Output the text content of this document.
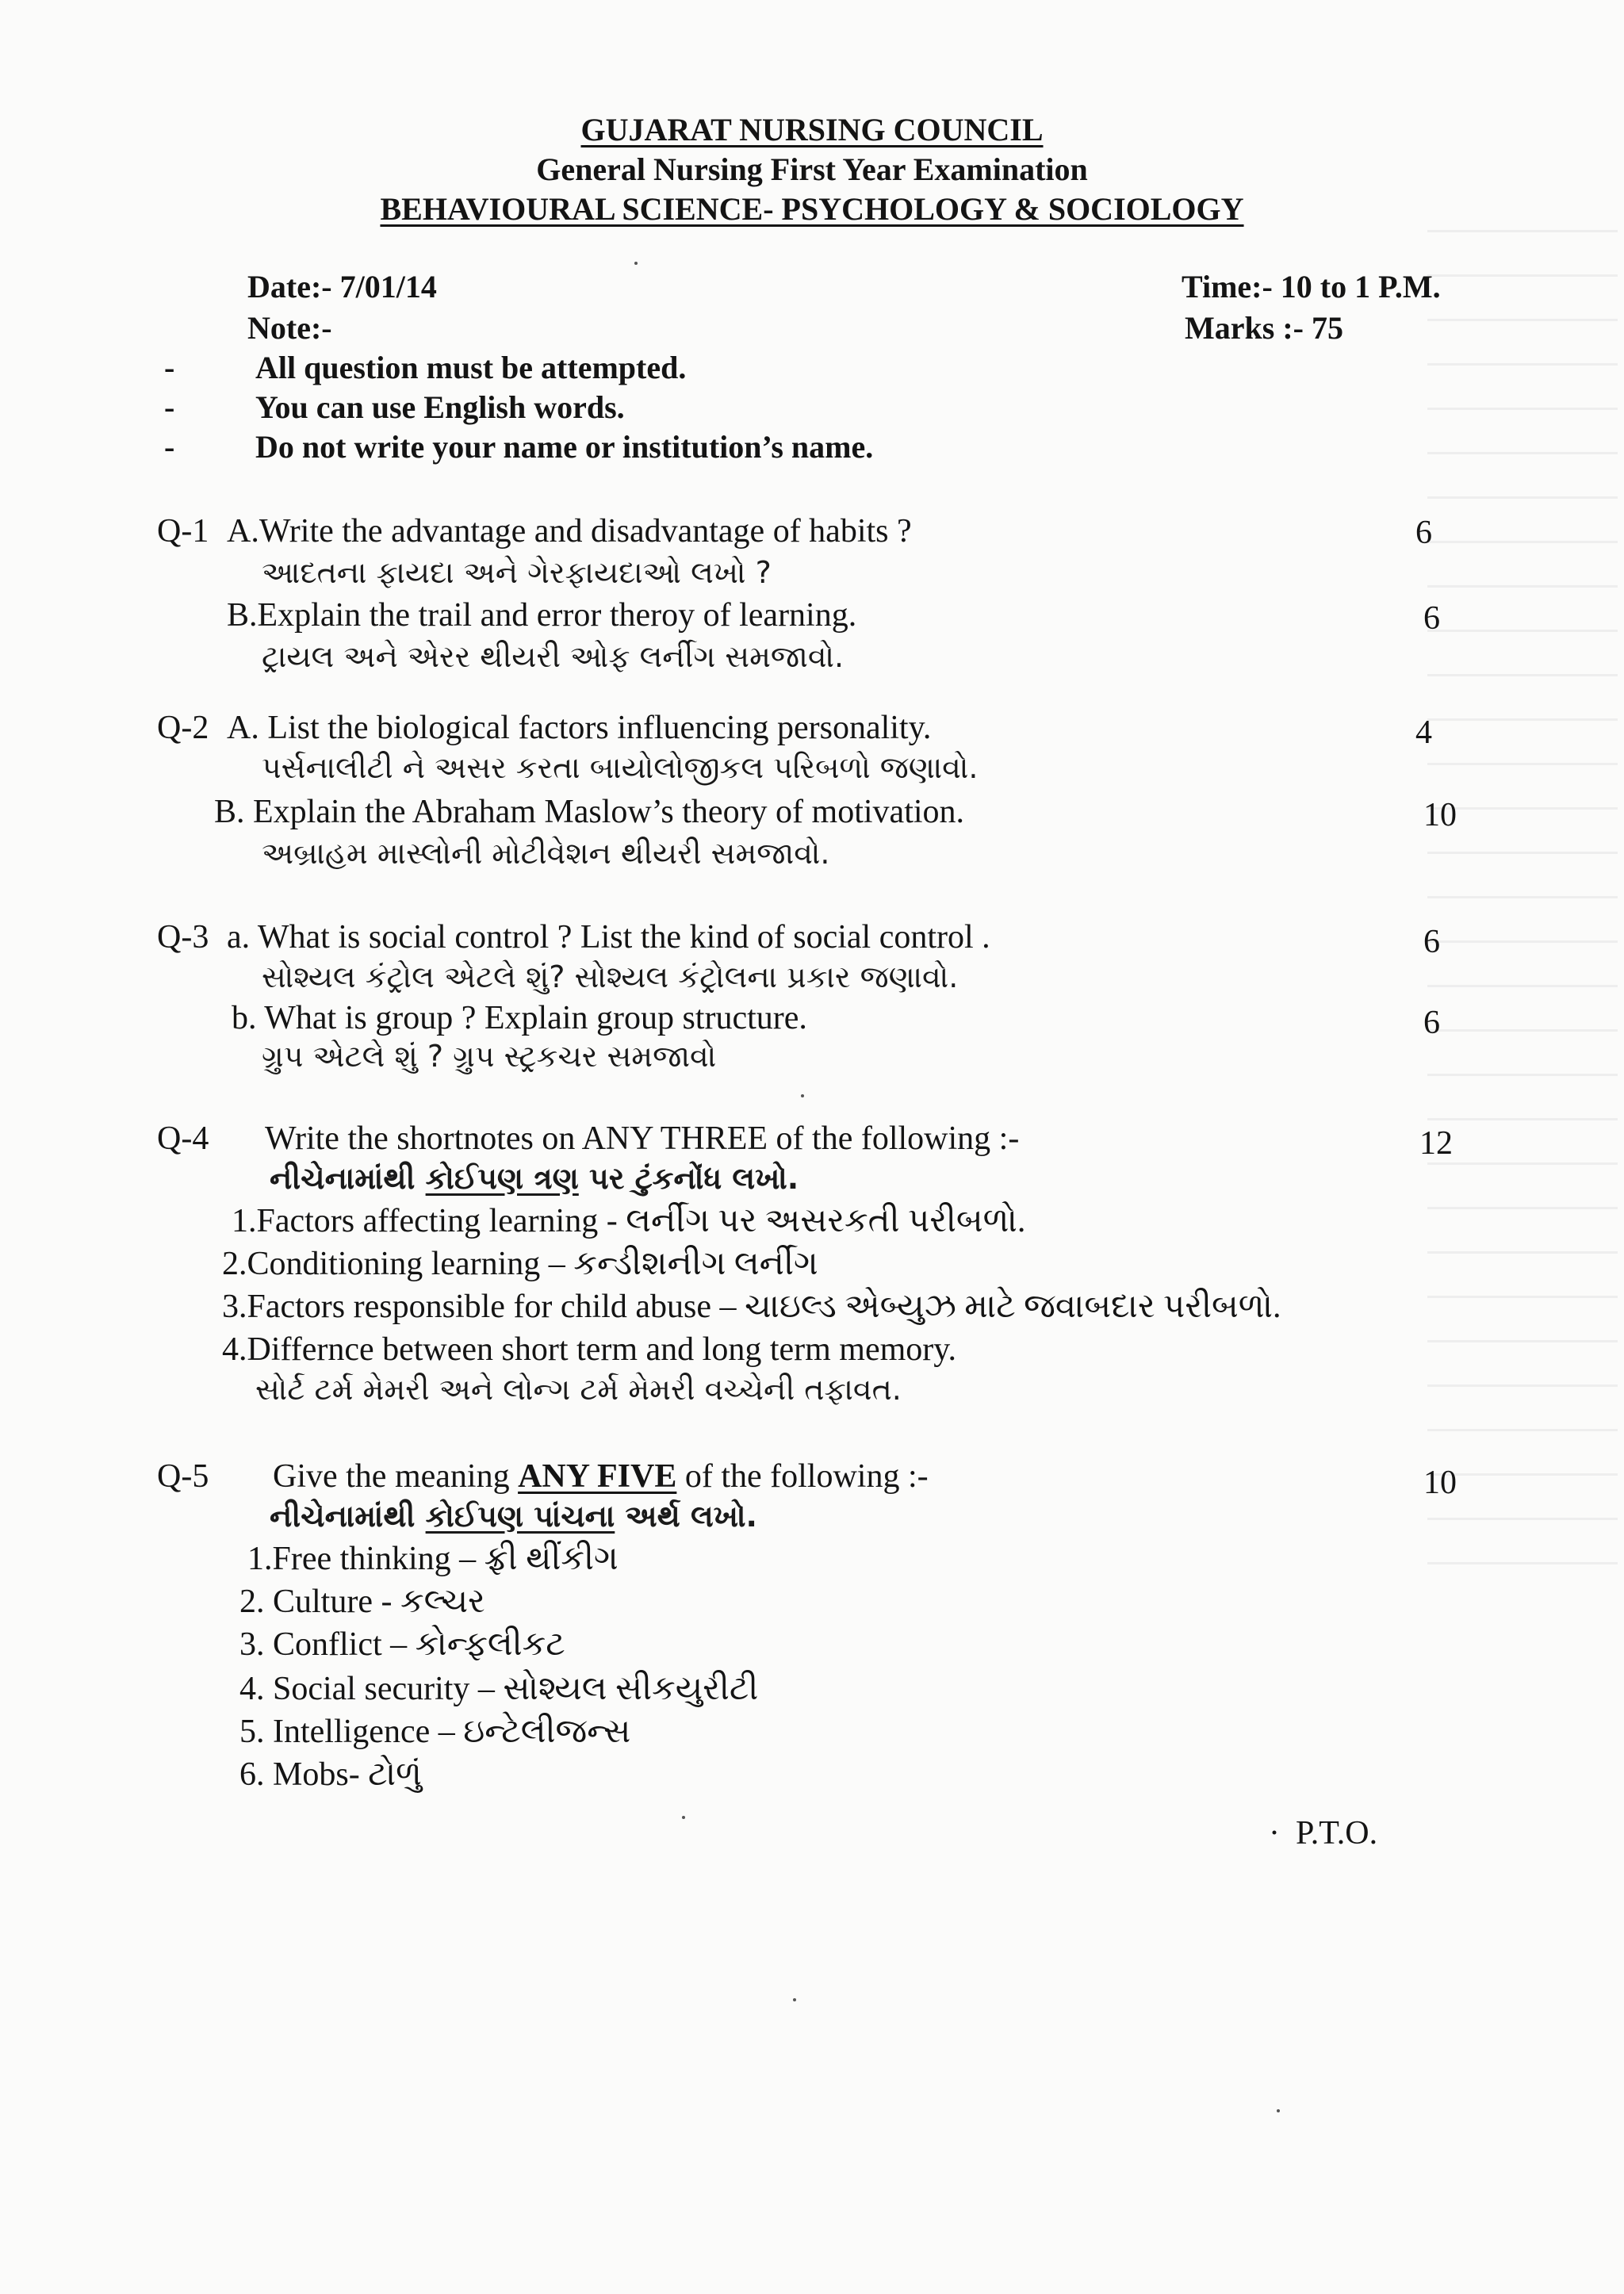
GUJARAT NURSING COUNCIL
General Nursing First Year Examination
BEHAVIOURAL SCIENCE- PSYCHOLOGY & SOCIOLOGY
Date:- 7/01/14	Time:- 10 to 1 P.M.
Note:-	Marks :- 75
-	All question must be attempted.
-	You can use English words.
-	Do not write your name or institution’s name.
Q-1 A.Write the advantage and disadvantage of habits ?	6
આદતના ફાયદા અને ગેરફાયદાઓ લખો ?
B.Explain the trail and error theroy of learning.	6
ટ્રાયલ અને એરર થીયરી ઓફ લર્નીગ સમજાવો.
Q-2 A. List the biological factors influencing personality.	4
પર્સનાલીટી ને અસર કરતા બાયોલોજીકલ પરિબળો જણાવો.
B. Explain the Abraham Maslow’s theory of motivation.	10
અબ્રાહમ માસ્લોની મોટીવેશન થીયરી સમજાવો.
Q-3 a. What is social control ? List the kind of social control .	6
સોશ્યલ કંટ્રોલ એટલે શું? સોશ્યલ કંટ્રોલના પ્રકાર જણાવો.
b. What is group ? Explain group structure.	6
ગ્રુપ એટલે શું ? ગ્રુપ સ્ટ્રકચર સમજાવો
Q-4 Write the shortnotes on ANY THREE of the following :-	12
નીચેનામાંથી કોઈપણ ત્રણ પર ટુંકનોંધ લખો.
1.Factors affecting learning - લર્નીગ પર અસરકતી પરીબળો.
2.Conditioning learning – કન્ડીશનીગ લર્નીગ
3.Factors responsible for child abuse – ચાઇલ્ડ એબ્યુઝ માટે જવાબદાર પરીબળો.
4.Differnce between short term and long term memory.
સોર્ટ ટર્મ મેમરી અને લોન્ગ ટર્મ મેમરી વચ્ચેની તફાવત.
Q-5 Give the meaning ANY FIVE of the following :-	10
નીચેનામાંથી કોઈપણ પાંચના અર્થ લખો.
1.Free thinking – ફ્રી થીંકીગ
2. Culture - કલ્ચર
3. Conflict – કોન્ફલીકટ
4. Social security – સોશ્યલ સીકયુરીટી
5. Intelligence – ઇન્ટેલીજન્સ
6. Mobs- ટોળું
· P.T.O.
